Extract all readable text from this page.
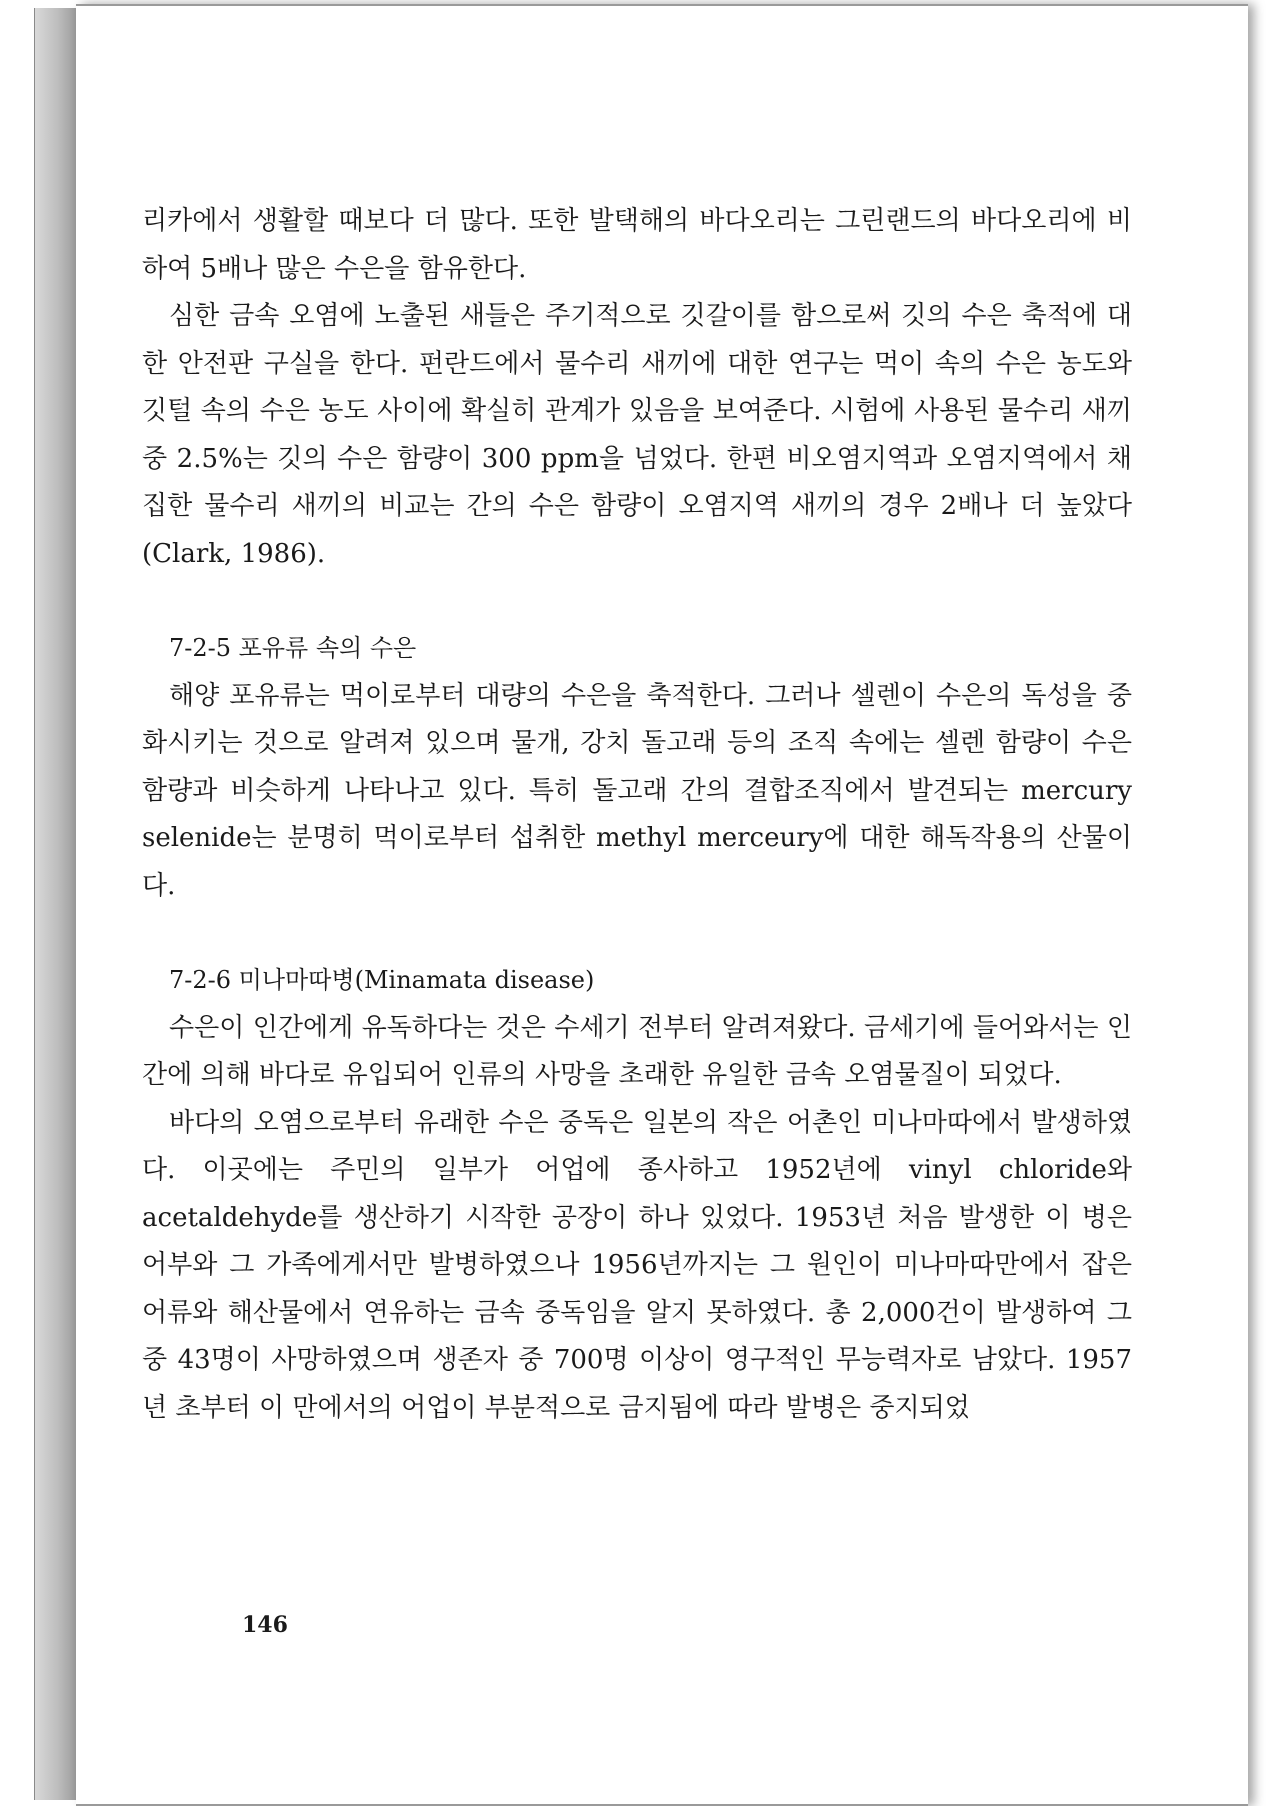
리카에서 생활할 때보다 더 많다. 또한 발택해의 바다오리는 그린랜드의 바다오리에 비하여 5배나 많은 수은을 함유한다.

심한 금속 오염에 노출된 새들은 주기적으로 깃갈이를 함으로써 깃의 수은 축적에 대한 안전판 구실을 한다. 펀란드에서 물수리 새끼에 대한 연구는 먹이 속의 수은 농도와 깃털 속의 수은 농도 사이에 확실히 관계가 있음을 보여준다. 시험에 사용된 물수리 새끼 중 2.5%는 깃의 수은 함량이 300 ppm을 넘었다. 한편 비오염지역과 오염지역에서 채집한 물수리 새끼의 비교는 간의 수은 함량이 오염지역 새끼의 경우 2배나 더 높았다(Clark, 1986).

7-2-5 포유류 속의 수은

해양 포유류는 먹이로부터 대량의 수은을 축적한다. 그러나 셀렌이 수은의 독성을 중화시키는 것으로 알려져 있으며 물개, 강치 돌고래 등의 조직 속에는 셀렌 함량이 수은 함량과 비슷하게 나타나고 있다. 특히 돌고래 간의 결합조직에서 발견되는 mercury selenide는 분명히 먹이로부터 섭취한 methyl merceury에 대한 해독작용의 산물이다.

7-2-6 미나마따병(Minamata disease)

수은이 인간에게 유독하다는 것은 수세기 전부터 알려져왔다. 금세기에 들어와서는 인간에 의해 바다로 유입되어 인류의 사망을 초래한 유일한 금속 오염물질이 되었다.

바다의 오염으로부터 유래한 수은 중독은 일본의 작은 어촌인 미나마따에서 발생하였다. 이곳에는 주민의 일부가 어업에 종사하고 1952년에 vinyl chloride와 acetaldehyde를 생산하기 시작한 공장이 하나 있었다. 1953년 처음 발생한 이 병은 어부와 그 가족에게서만 발병하였으나 1956년까지는 그 원인이 미나마따만에서 잡은 어류와 해산물에서 연유하는 금속 중독임을 알지 못하였다. 총 2,000건이 발생하여 그중 43명이 사망하였으며 생존자 중 700명 이상이 영구적인 무능력자로 남았다. 1957년 초부터 이 만에서의 어업이 부분적으로 금지됨에 따라 발병은 중지되었

146
